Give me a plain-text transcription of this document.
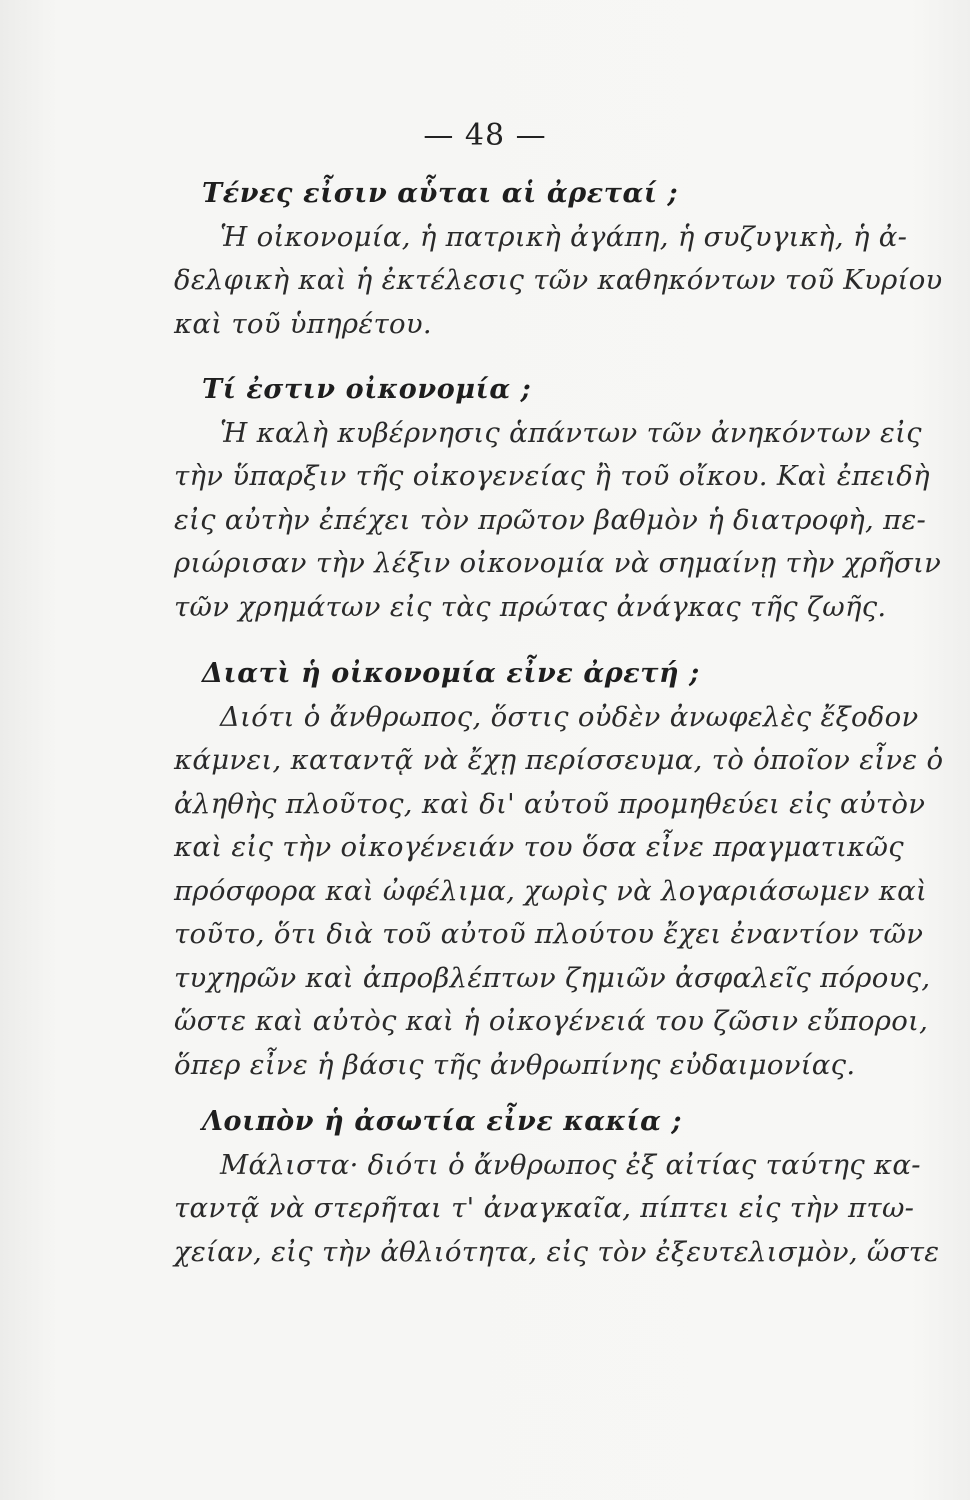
— 48 —
Τένες εἶσιν αὗται αἱ ἀρεταί ;
Ἡ οἰκονομία, ἡ πατρικὴ ἀγάπη, ἡ συζυγικὴ, ἡ ἀ-
δελφικὴ καὶ ἡ ἐκτέλεσις τῶν καθηκόντων τοῦ Κυρίου
καὶ τοῦ ὑπηρέτου.
Τί ἐστιν οἰκονομία ;
Ἡ καλὴ κυβέρνησις ἁπάντων τῶν ἀνηκόντων εἰς
τὴν ὕπαρξιν τῆς οἰκογενείας ἢ τοῦ οἴκου. Καὶ ἐπειδὴ
εἰς αὐτὴν ἐπέχει τὸν πρῶτον βαθμὸν ἡ διατροφὴ, πε-
ριώρισαν τὴν λέξιν οἰκονομία νὰ σημαίνῃ τὴν χρῆσιν
τῶν χρημάτων εἰς τὰς πρώτας ἀνάγκας τῆς ζωῆς.
Διατὶ ἡ οἰκονομία εἶνε ἀρετή ;
Διότι ὁ ἄνθρωπος, ὅστις οὐδὲν ἀνωφελὲς ἔξοδον
κάμνει, καταντᾷ νὰ ἔχῃ περίσσευμα, τὸ ὁποῖον εἶνε ὁ
ἀληθὴς πλοῦτος, καὶ δι' αὐτοῦ προμηθεύει εἰς αὐτὸν
καὶ εἰς τὴν οἰκογένειάν του ὅσα εἶνε πραγματικῶς
πρόσφορα καὶ ὠφέλιμα, χωρὶς νὰ λογαριάσωμεν καὶ
τοῦτο, ὅτι διὰ τοῦ αὐτοῦ πλούτου ἔχει ἐναντίον τῶν
τυχηρῶν καὶ ἀπροβλέπτων ζημιῶν ἀσφαλεῖς πόρους,
ὥστε καὶ αὐτὸς καὶ ἡ οἰκογένειά του ζῶσιν εὔποροι,
ὅπερ εἶνε ἡ βάσις τῆς ἀνθρωπίνης εὐδαιμονίας.
Λοιπὸν ἡ ἀσωτία εἶνε κακία ;
Μάλιστα· διότι ὁ ἄνθρωπος ἐξ αἰτίας ταύτης κα-
ταντᾷ νὰ στερῆται τ' ἀναγκαῖα, πίπτει εἰς τὴν πτω-
χείαν, εἰς τὴν ἀθλιότητα, εἰς τὸν ἐξευτελισμὸν, ὥστε
